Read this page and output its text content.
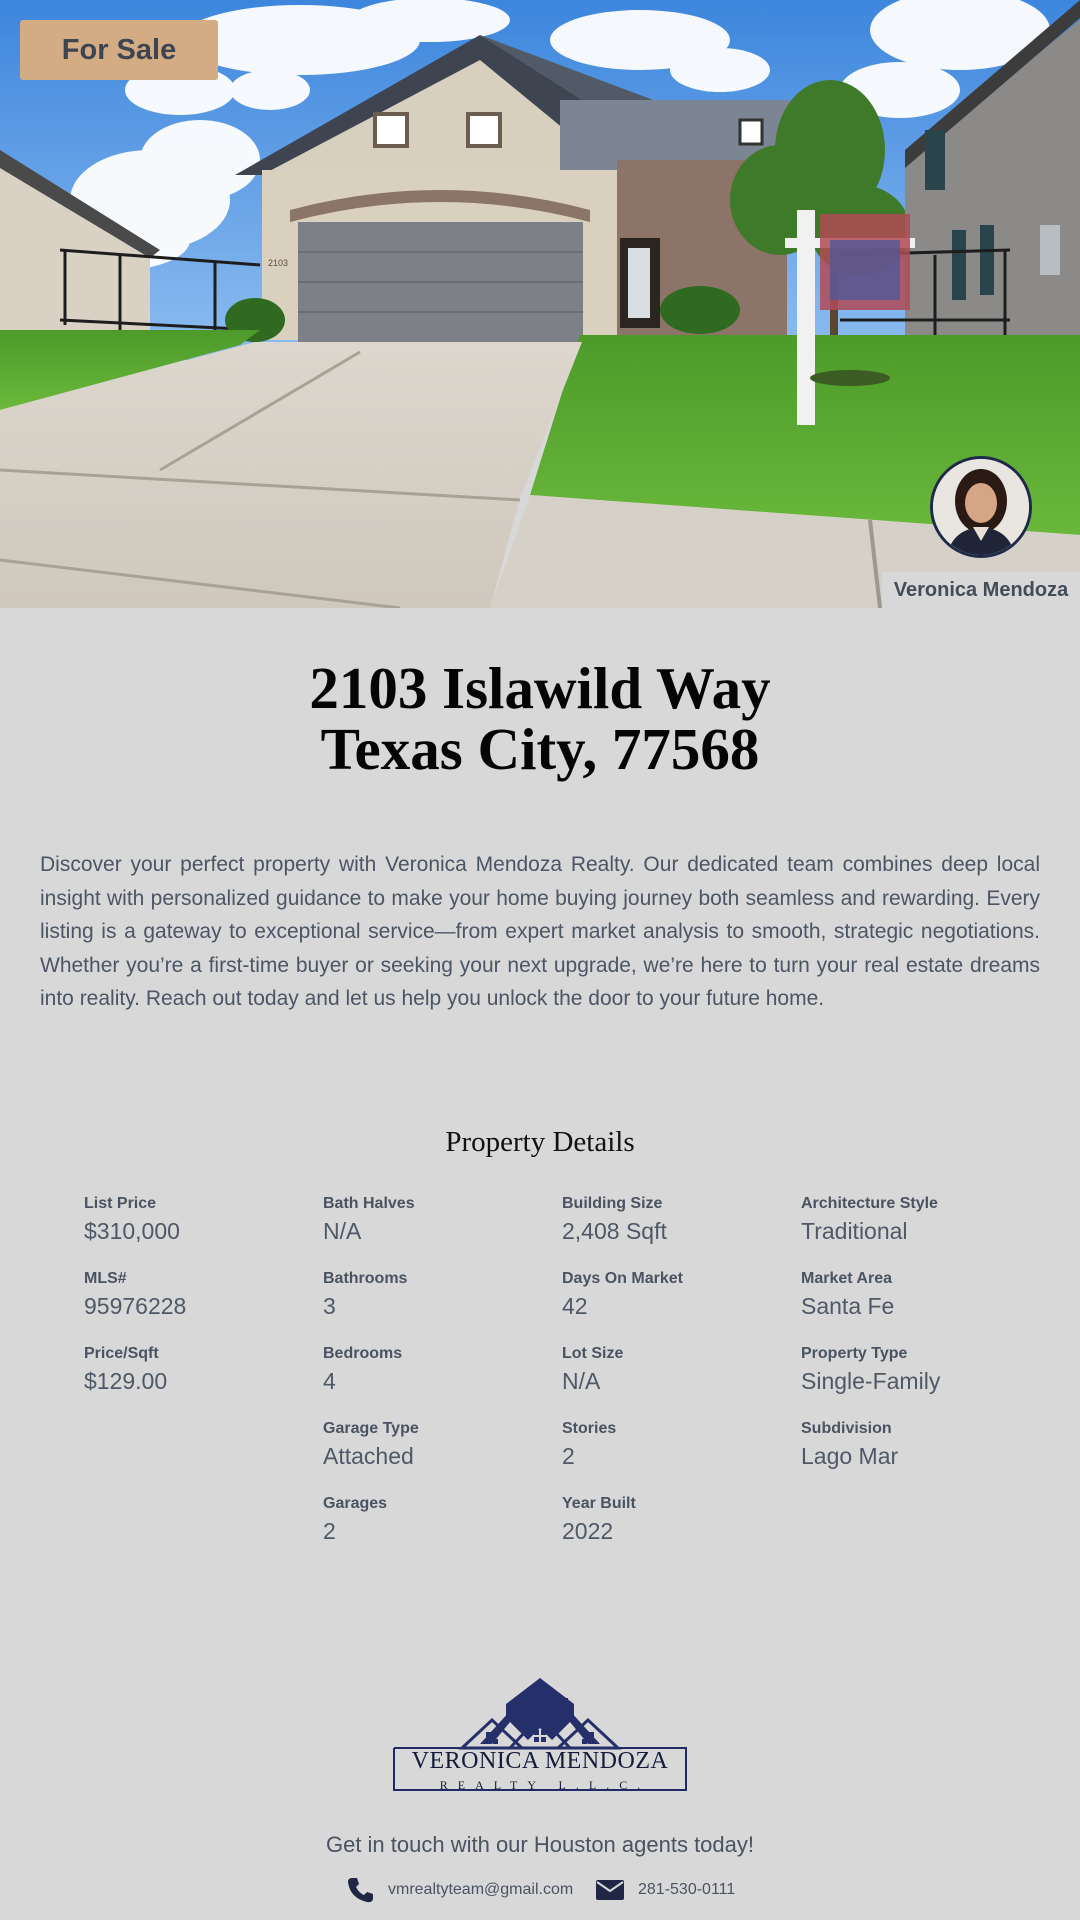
2103
For Sale
Veronica Mendoza
2103 Islawild Way
Texas City, 77568

Discover your perfect property with Veronica Mendoza Realty. Our dedicated team combines deep local insight with personalized guidance to make your home buying journey both seamless and rewarding. Every listing is a gateway to exceptional service—from expert market analysis to smooth, strategic negotiations. Whether you’re a first-time buyer or seeking your next upgrade, we’re here to turn your real estate dreams into reality. Reach out today and let us help you unlock the door to your future home.

Property Details
List Price
$310,000
MLS#
95976228
Price/Sqft
$129.00
Bath Halves
N/A
Bathrooms
3
Bedrooms
4
Garage Type
Attached
Garages
2
Building Size
2,408 Sqft
Days On Market
42
Lot Size
N/A
Stories
2
Year Built
2022
Architecture Style
Traditional
Market Area
Santa Fe
Property Type
Single-Family
Subdivision
Lago Mar
VERONICA MENDOZA
REALTY L.L.C.
Get in touch with our Houston agents today!
vmrealtyteam@gmail.com	281-530-0111
